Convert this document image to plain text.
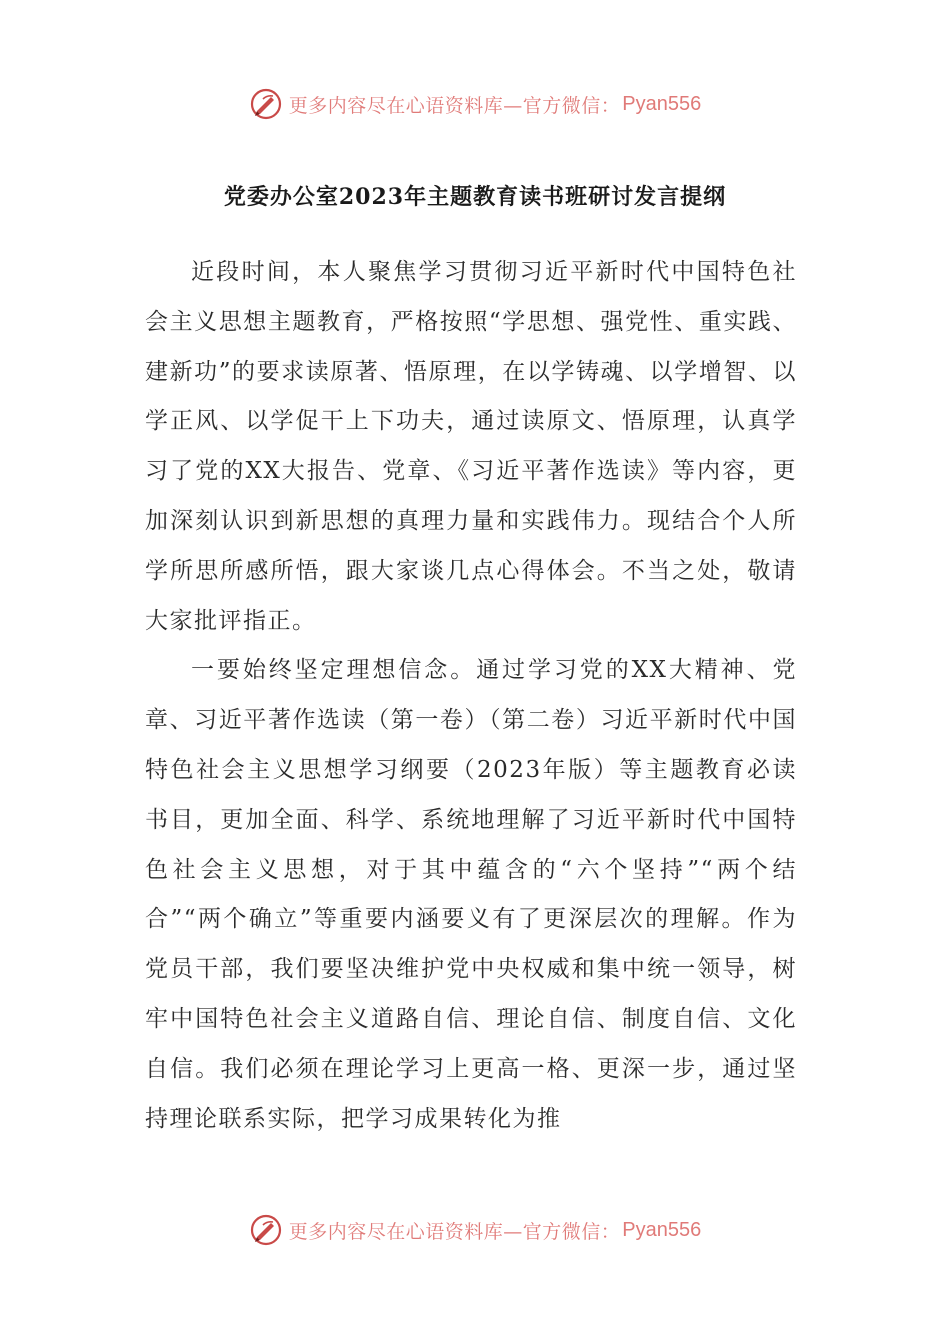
更多内容尽在心语资料库—官方微信： Pyan556
党委办公室2023年主题教育读书班研讨发言提纲

近段时间，本人聚焦学习贯彻习近平新时代中国特色社会主义思想主题教育，严格按照“学思想、强党性、重实践、建新功”的要求读原著、悟原理，在以学铸魂、以学增智、以学正风、以学促干上下功夫，通过读原文、悟原理，认真学习了党的XX大报告、党章、《习近平著作选读》等内容，更加深刻认识到新思想的真理力量和实践伟力。现结合个人所学所思所感所悟，跟大家谈几点心得体会。不当之处，敬请大家批评指正。

一要始终坚定理想信念。通过学习党的XX大精神、党章、习近平著作选读（第一卷）（第二卷）习近平新时代中国特色社会主义思想学习纲要（2023年版）等主题教育必读书目，更加全面、科学、系统地理解了习近平新时代中国特色社会主义思想，对于其中蕴含的“六个坚持”“两个结合”“两个确立”等重要内涵要义有了更深层次的理解。作为党员干部，我们要坚决维护党中央权威和集中统一领导，树牢中国特色社会主义道路自信、理论自信、制度自信、文化自信。我们必须在理论学习上更高一格、更深一步，通过坚持理论联系实际，把学习成果转化为推

更多内容尽在心语资料库—官方微信： Pyan556
